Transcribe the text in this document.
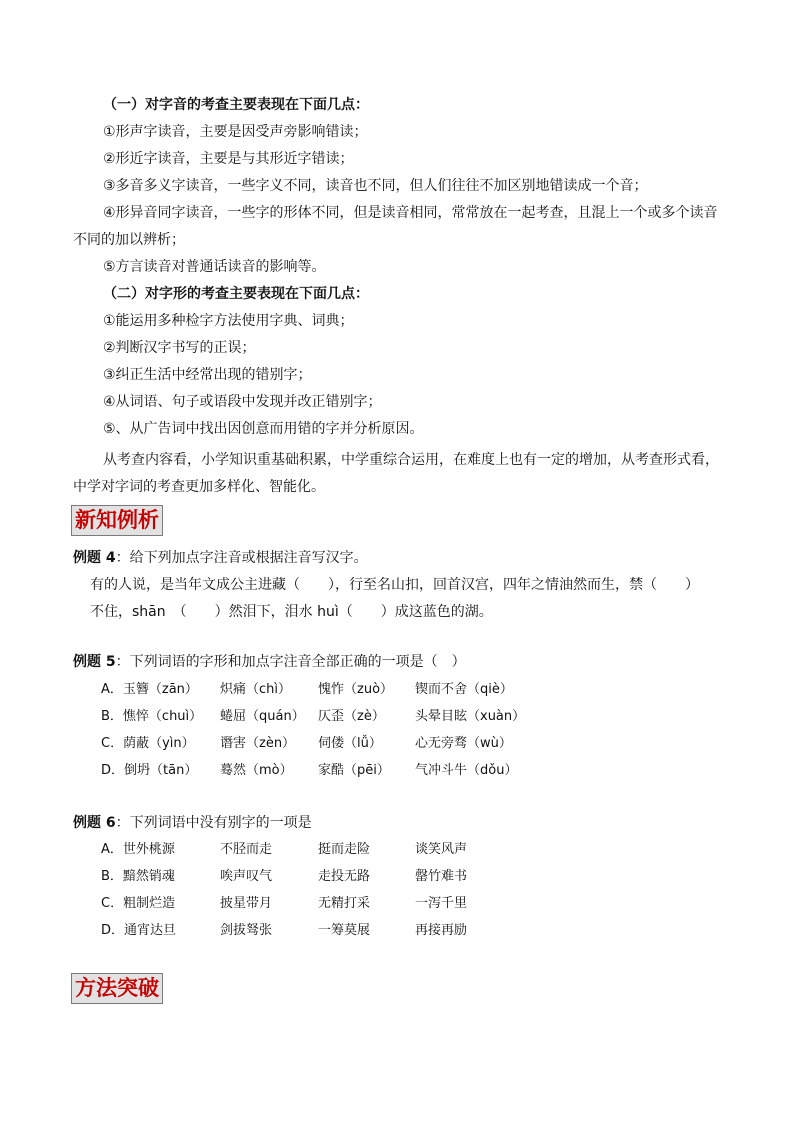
（一）对字音的考查主要表现在下面几点：
①形声字读音，主要是因受声旁影响错读；
②形近字读音，主要是与其形近字错读；
③多音多义字读音，一些字义不同，读音也不同，但人们往往不加区别地错读成一个音；
④形异音同字读音，一些字的形体不同，但是读音相同，常常放在一起考查，且混上一个或多个读音
不同的加以辨析；
⑤方言读音对普通话读音的影响等。
（二）对字形的考查主要表现在下面几点：
①能运用多种检字方法使用字典、词典；
②判断汉字书写的正误；
③纠正生活中经常出现的错别字；
④从词语、句子或语段中发现并改正错别字；
⑤、从广告词中找出因创意而用错的字并分析原因。
从考查内容看，小学知识重基础积累，中学重综合运用，在难度上也有一定的增加，从考查形式看，
中学对字词的考查更加多样化、智能化。
新知例析
例题 4：给下列加点字注音或根据注音写汉字。
有的人说，是当年文成公主进藏（　　），行至名山扣，回首汉宫，四年之情油然而生，禁（　　）
不住，shān　（　　）然泪下，泪水 huì（　　）成这蓝色的湖。
例题 5：下列词语的字形和加点字注音全部正确的一项是（　）
A．玉簪（zān） 炽痛（chì） 愧怍（zuò） 锲而不舍（qiè）
B．憔悴（chuì） 蜷屈（quán） 仄歪（zè） 头晕目眩（xuàn）
C．荫蔽（yìn） 谮害（zèn） 伺偻（lǚ）	心无旁骛（wù）
D．倒坍（tān） 蓦然（mò） 家酷（pēi） 气冲斗牛（dǒu）
例题 6：下列词语中没有别字的一项是
A．世外桃源	不胫而走	挺而走险	谈笑风声
B．黯然销魂	唉声叹气	走投无路	罄竹难书
C．粗制烂造	披星带月	无精打采	一泻千里
D．通宵达旦	剑拔驽张	一筹莫展	再接再励
方法突破
